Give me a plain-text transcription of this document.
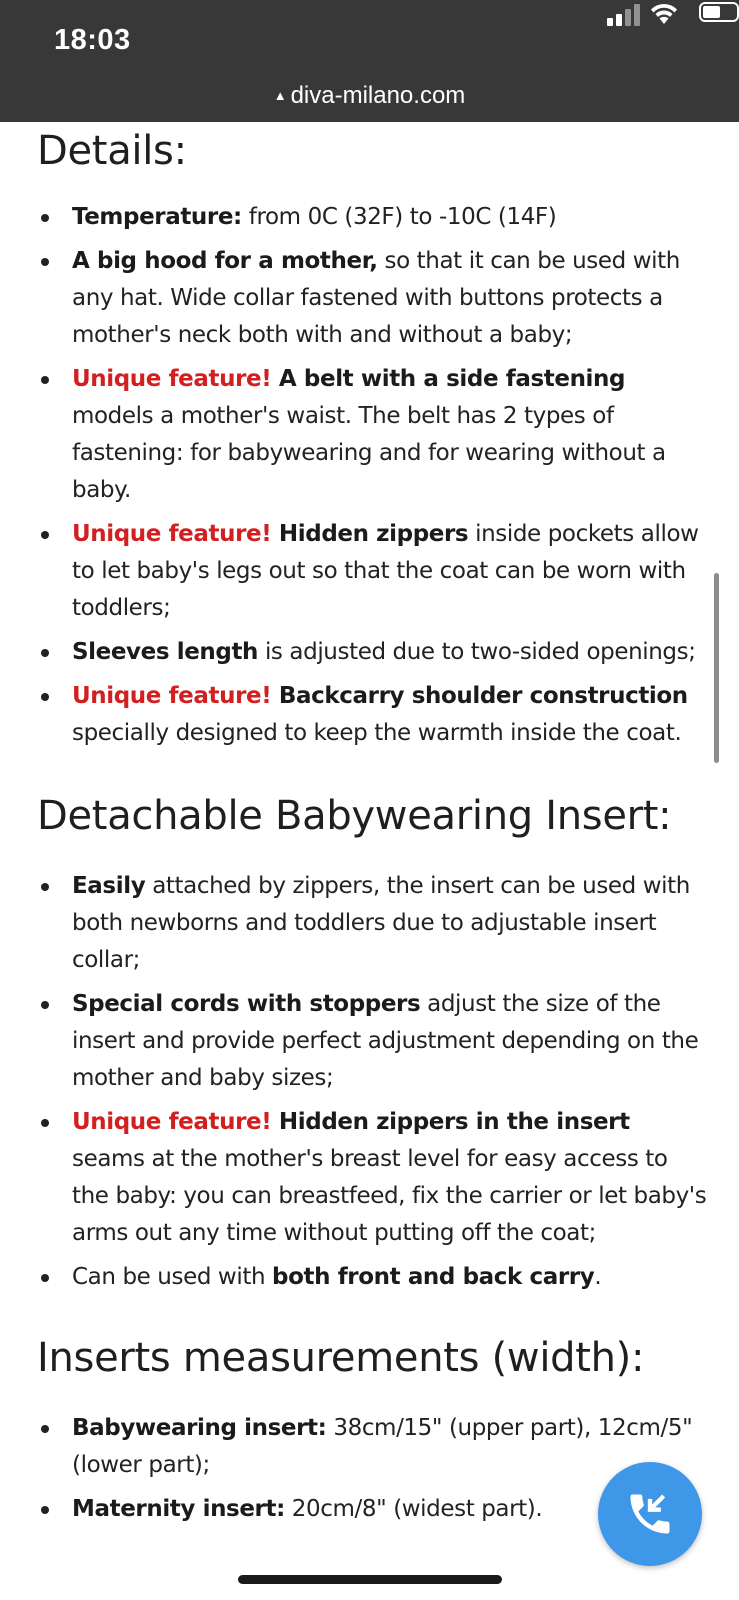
18:03
▲ diva-milano.com
Details:
Temperature: from 0C (32F) to -10C (14F)
A big hood for a mother, so that it can be used with any hat. Wide collar fastened with buttons protects a mother's neck both with and without a baby;
Unique feature! A belt with a side fastening models a mother's waist. The belt has 2 types of fastening: for babywearing and for wearing without a baby.
Unique feature! Hidden zippers inside pockets allow to let baby's legs out so that the coat can be worn with toddlers;
Sleeves length is adjusted due to two-sided openings;
Unique feature! Backcarry shoulder construction specially designed to keep the warmth inside the coat.
Detachable Babywearing Insert:
Easily attached by zippers, the insert can be used with both newborns and toddlers due to adjustable insert collar;
Special cords with stoppers adjust the size of the insert and provide perfect adjustment depending on the mother and baby sizes;
Unique feature! Hidden zippers in the insert seams at the mother's breast level for easy access to the baby: you can breastfeed, fix the carrier or let baby's arms out any time without putting off the coat;
Can be used with both front and back carry.
Inserts measurements (width):
Babywearing insert: 38cm/15" (upper part), 12cm/5" (lower part);
Maternity insert: 20cm/8" (widest part).
